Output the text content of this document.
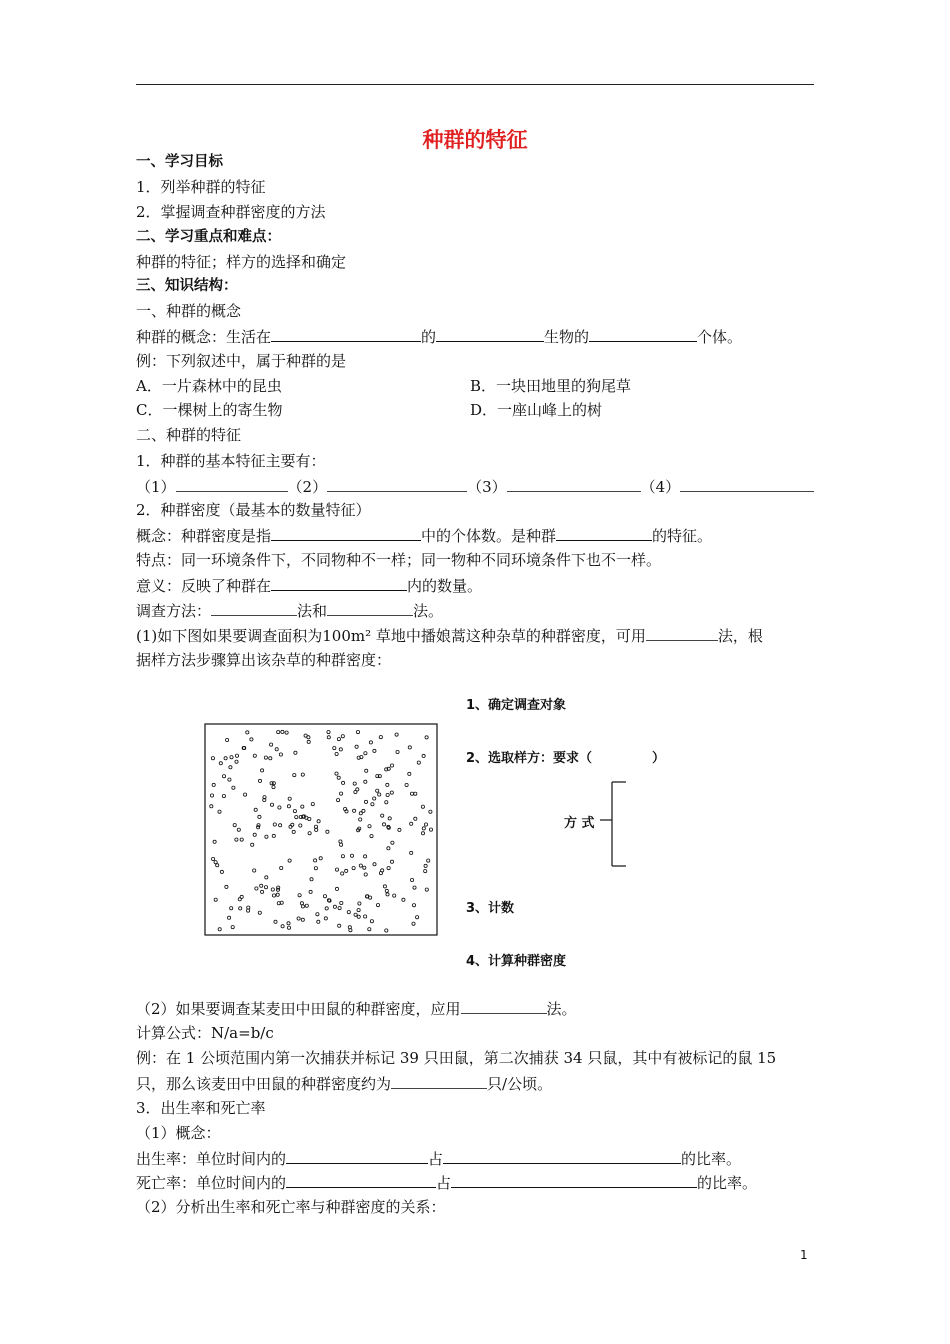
种群的特征
一、学习目标
1．列举种群的特征
2．掌握调查种群密度的方法
二、学习重点和难点：
种群的特征；样方的选择和确定
三、知识结构：
一、种群的概念
种群的概念：生活在	的	生物的	个体。
例：下列叙述中，属于种群的是
A．一片森林中的昆虫	B．一块田地里的狗尾草
C．一棵树上的寄生物	D．一座山峰上的树
二、种群的特征
1．种群的基本特征主要有：
（1）	（2）	（3）	（4）
2．种群密度（最基本的数量特征）
概念：种群密度是指	中的个体数。是种群	的特征。
特点：同一环境条件下，不同物种不一样；同一物种不同环境条件下也不一样。
意义：反映了种群在	内的数量。
调查方法：	法和	法。
(1)如下图如果要调查面积为100m² 草地中播娘蒿这种杂草的种群密度，可用	法，根
据样方法步骤算出该杂草的种群密度：
1、确定调查对象
2、选取样方：要求（	）
方 式
3、计数
4、计算种群密度
（2）如果要调查某麦田中田鼠的种群密度，应用	法。
计算公式：N/a=b/c
例：在 1 公顷范围内第一次捕获并标记 39 只田鼠，第二次捕获 34 只鼠，其中有被标记的鼠 15
只，那么该麦田中田鼠的种群密度约为	只/公顷。
3．出生率和死亡率
（1）概念：
出生率：单位时间内的	占	的比率。
死亡率：单位时间内的	占	的比率。
（2）分析出生率和死亡率与种群密度的关系：
1
